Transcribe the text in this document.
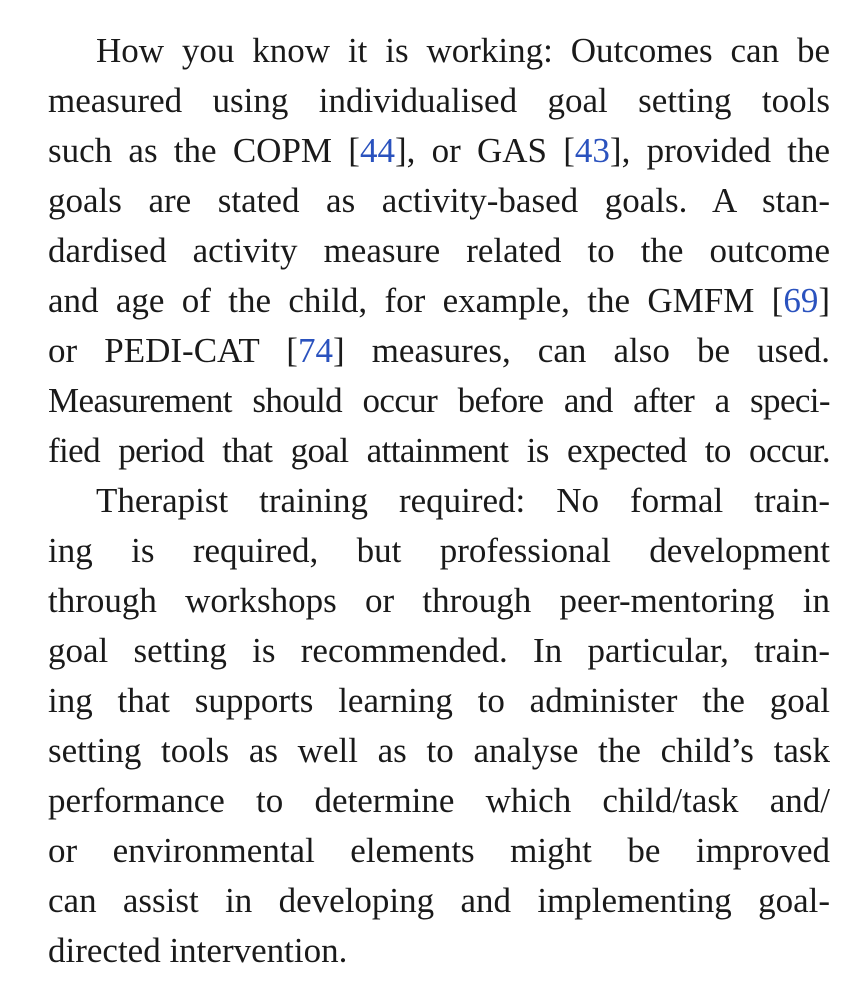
How you know it is working: Outcomes can be
measured using individualised goal setting tools
such as the COPM [44], or GAS [43], provided the
goals are stated as activity-based goals. A stan-
dardised activity measure related to the outcome
and age of the child, for example, the GMFM [69]
or PEDI-CAT [74] measures, can also be used.
Measurement should occur before and after a speci-
fied period that goal attainment is expected to occur.
Therapist training required: No formal train-
ing is required, but professional development
through workshops or through peer-mentoring in
goal setting is recommended. In particular, train-
ing that supports learning to administer the goal
setting tools as well as to analyse the child’s task
performance to determine which child/task and/
or environmental elements might be improved
can assist in developing and implementing goal-
directed intervention.
